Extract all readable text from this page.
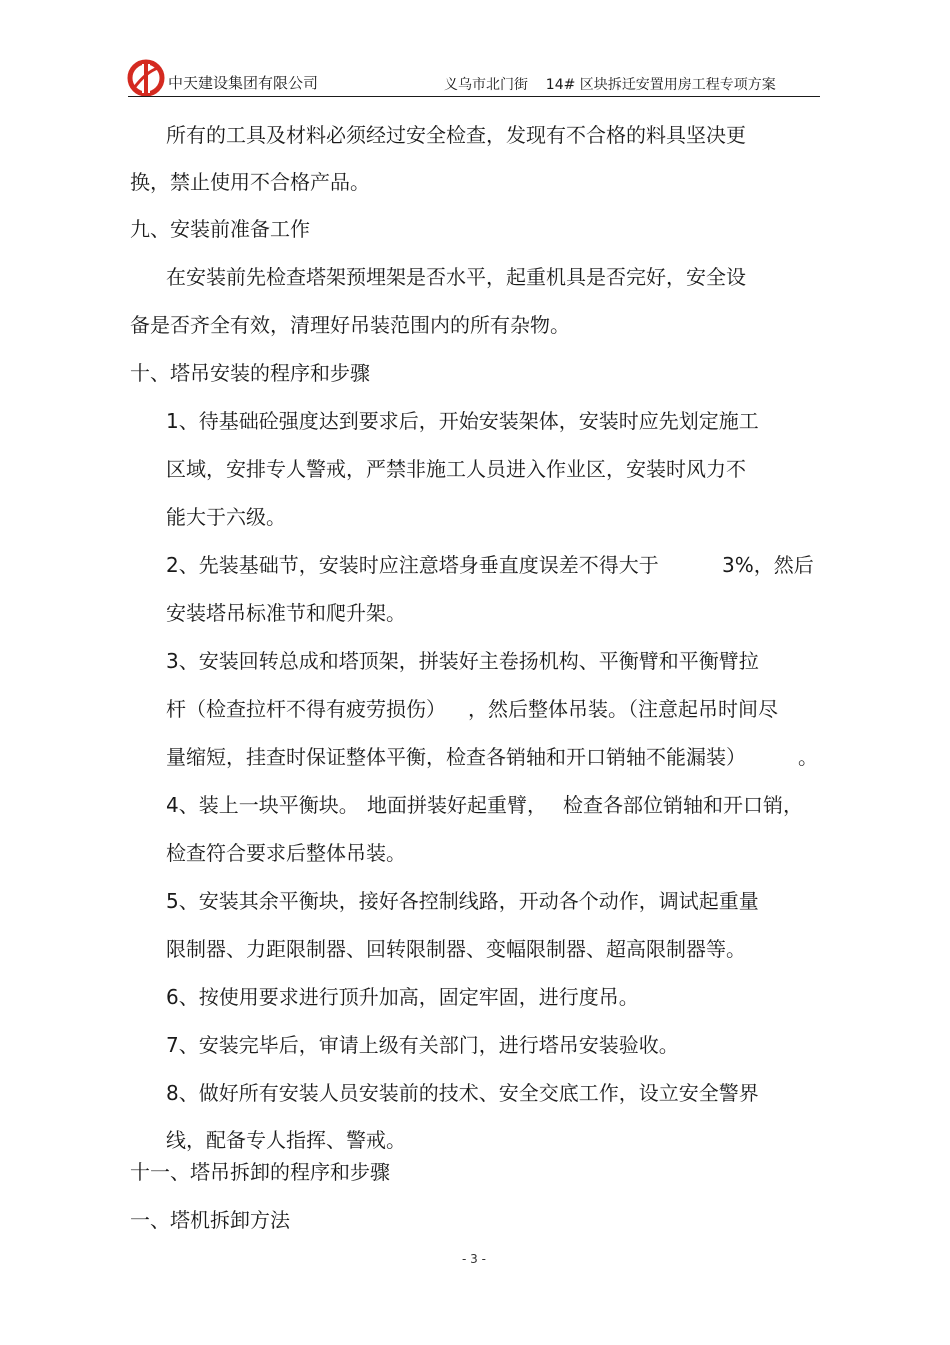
中天建设集团有限公司	义乌市北门街    14# 区块拆迁安置用房工程专项方案
所有的工具及材料必须经过安全检查，发现有不合格的料具坚决更
换，禁止使用不合格产品。
九、安装前准备工作
在安装前先检查塔架预埋架是否水平，起重机具是否完好，安全设
备是否齐全有效，清理好吊装范围内的所有杂物。
十、塔吊安装的程序和步骤
1、待基础砼强度达到要求后，开始安装架体，安装时应先划定施工
区域，安排专人警戒，严禁非施工人员进入作业区，安装时风力不
能大于六级。
2、先装基础节，安装时应注意塔身垂直度误差不得大于	3%，然后
安装塔吊标准节和爬升架。
3、安装回转总成和塔顶架，拼装好主卷扬机构、平衡臂和平衡臂拉
杆（检查拉杆不得有疲劳损伤） ，然后整体吊装。（注意起吊时间尽
量缩短，挂查时保证整体平衡，检查各销轴和开口销轴不能漏装）	。
4、装上一块平衡块。 地面拼装好起重臂， 检查各部位销轴和开口销，
检查符合要求后整体吊装。
5、安装其余平衡块，接好各控制线路，开动各个动作，调试起重量
限制器、力距限制器、回转限制器、变幅限制器、超高限制器等。
6、按使用要求进行顶升加高，固定牢固，进行度吊。
7、安装完毕后，审请上级有关部门，进行塔吊安装验收。
8、做好所有安装人员安装前的技术、安全交底工作，设立安全警界
线，配备专人指挥、警戒。
十一、塔吊拆卸的程序和步骤
一、塔机拆卸方法
- 3 -
